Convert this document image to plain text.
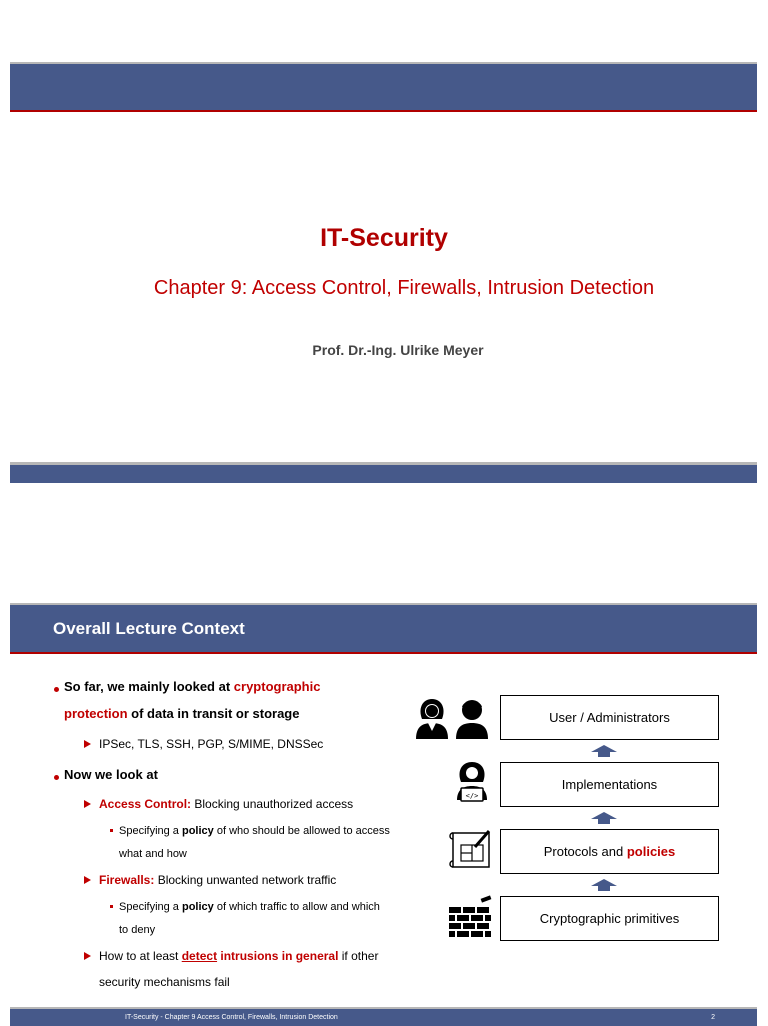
IT-Security
Chapter 9: Access Control, Firewalls, Intrusion Detection
Prof. Dr.-Ing. Ulrike Meyer
Overall Lecture Context
So far, we mainly looked at cryptographic
protection of data in transit or storage
IPSec, TLS, SSH, PGP, S/MIME, DNSSec
Now we look at
Access Control: Blocking unauthorized access
Specifying a policy of who should be allowed to access
what and how
Firewalls: Blocking unwanted network traffic
Specifying a policy of which traffic to allow and which
to deny
How to at least detect intrusions in general if other
security mechanisms fail
</>
User / Administrators
Implementations
Protocols and
policies
Cryptographic primitives
IT-Security - Chapter 9 Access Control, Firewalls, Intrusion Detection	2
